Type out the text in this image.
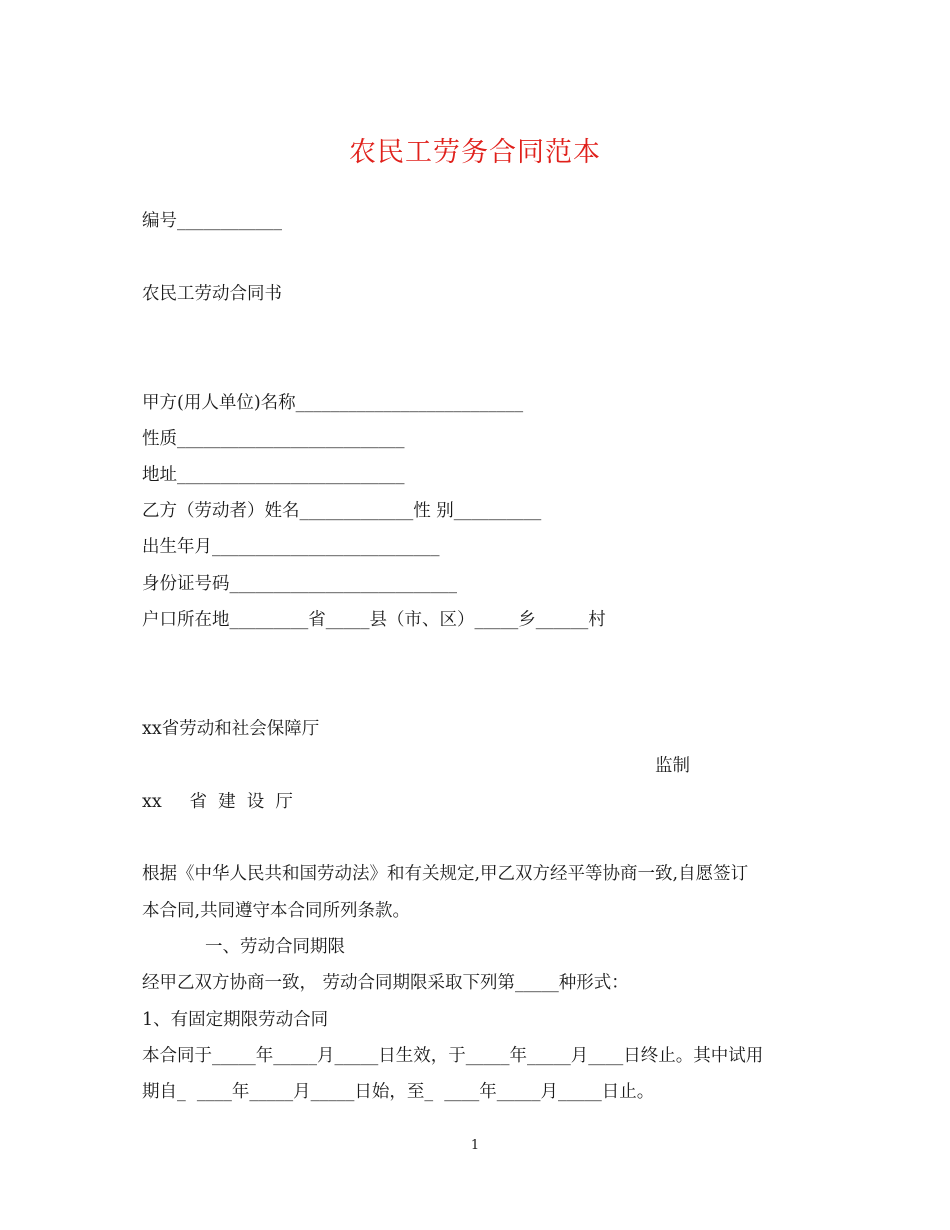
农民工劳务合同范本
编号____________
农民工劳动合同书
甲方(用人单位)名称__________________________
性质__________________________
地址__________________________
乙方（劳动者）姓名_____________性 别__________
出生年月__________________________
身份证号码__________________________
户口所在地_________省_____县（市、区）_____乡______村
xx省劳动和社会保障厅
监制
xx     省  建  设  厅
根据《中华人民共和国劳动法》和有关规定,甲乙双方经平等协商一致,自愿签订
本合同,共同遵守本合同所列条款。
一、劳动合同期限
经甲乙双方协商一致， 劳动合同期限采取下列第_____种形式：
1、有固定期限劳动合同
本合同于_____年_____月_____日生效，于_____年_____月____日终止。其中试用
期自_  ____年_____月_____日始，至_  ____年_____月_____日止。
1
